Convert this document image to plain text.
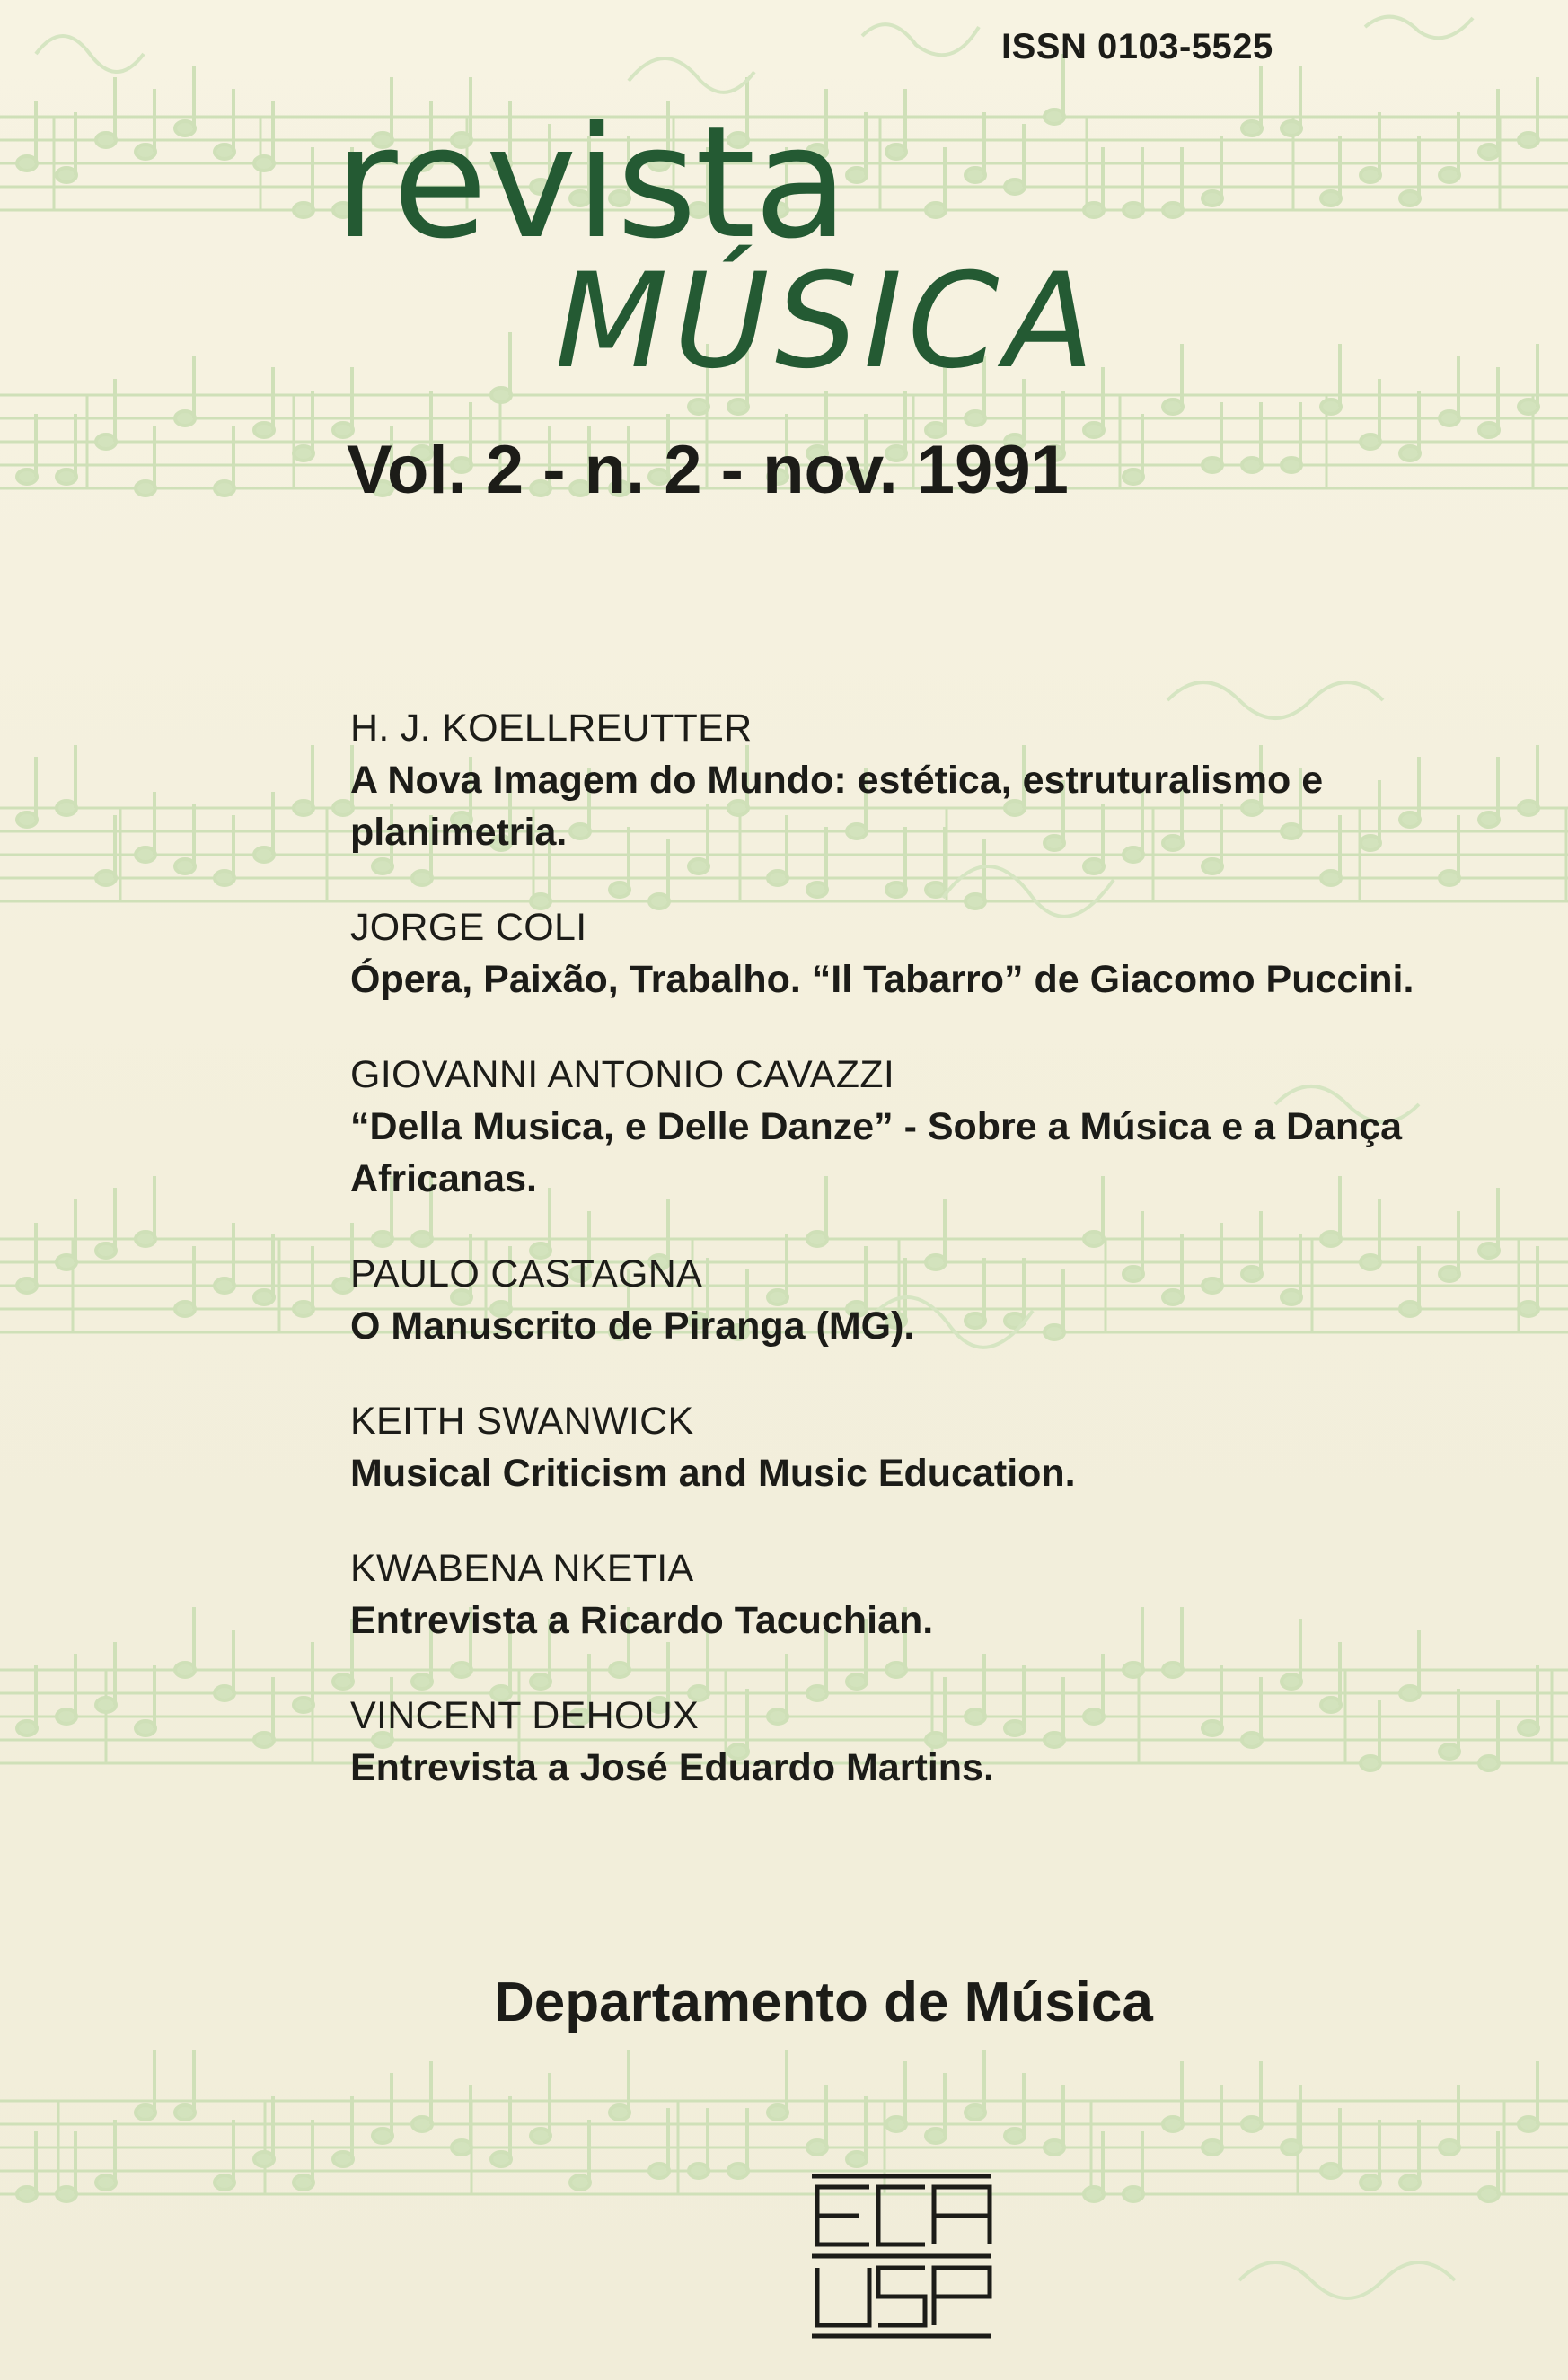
ISSN 0103-5525
revista
MÚSICA
Vol. 2 - n. 2 - nov. 1991
H. J. KOELLREUTTER
A Nova Imagem do Mundo: estética, estruturalismo e planimetria.
JORGE COLI
Ópera, Paixão, Trabalho. “Il Tabarro” de Giacomo Puccini.
GIOVANNI ANTONIO CAVAZZI
“Della Musica, e Delle Danze” - Sobre a Música e a Dança Africanas.
PAULO CASTAGNA
O Manuscrito de Piranga (MG).
KEITH SWANWICK
Musical Criticism and Music Education.
KWABENA NKETIA
Entrevista a Ricardo Tacuchian.
VINCENT DEHOUX
Entrevista a José Eduardo Martins.
Departamento de Música
